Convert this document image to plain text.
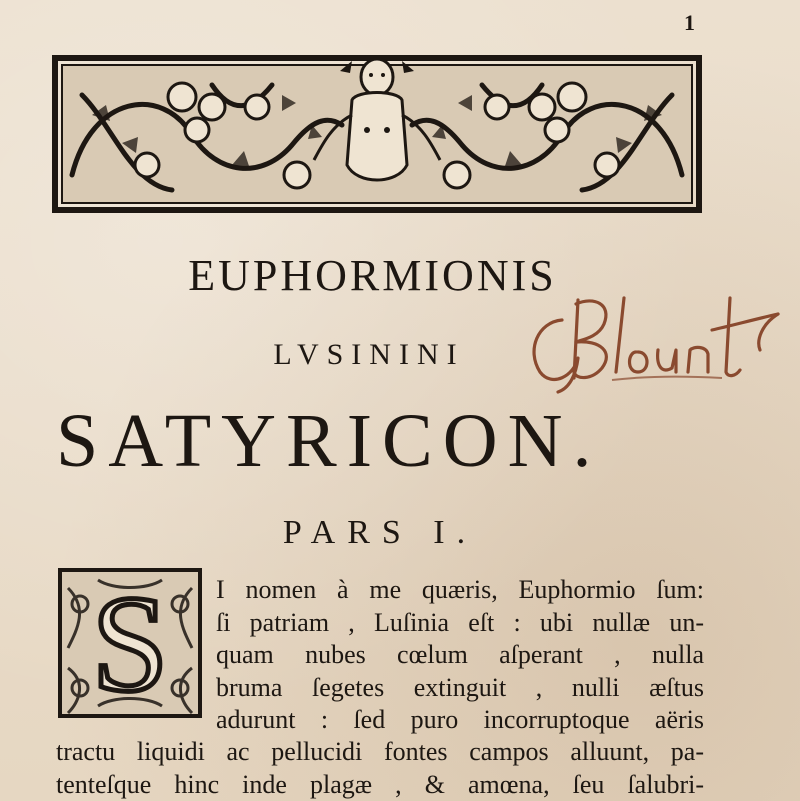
1
EUPHORMIONIS
LVSININI
SATYRICON.
PARS I.
S I nomen à me quæris, Euphormio ſum:
ſi patriam , Luſinia eſt : ubi nullæ un-
quam nubes cœlum aſperant , nulla
bruma ſegetes extinguit , nulli æſtus
adurunt : ſed puro incorruptoque aëris
tractu liquidi ac pellucidi fontes campos alluunt, pa-
tenteſque hinc inde plagæ , & amœna, ſeu ſalubri-
